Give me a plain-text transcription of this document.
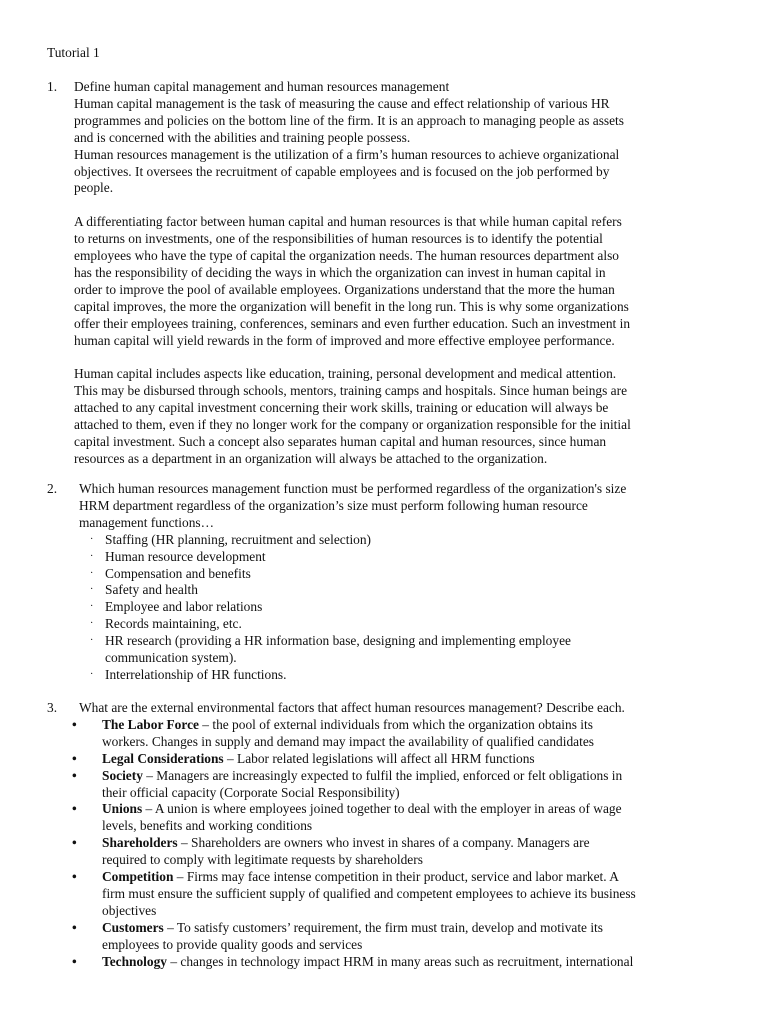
Tutorial 1
1. Define human capital management and human resources management

Human capital management is the task of measuring the cause and effect relationship of various HR

programmes and policies on the bottom line of the firm. It is an approach to managing people as assets

and is concerned with the abilities and training people possess.

Human resources management is the utilization of a firm’s human resources to achieve organizational

objectives. It oversees the recruitment of capable employees and is focused on the job performed by

people.

A differentiating factor between human capital and human resources is that while human capital refers

to returns on investments, one of the responsibilities of human resources is to identify the potential

employees who have the type of capital the organization needs. The human resources department also

has the responsibility of deciding the ways in which the organization can invest in human capital in

order to improve the pool of available employees. Organizations understand that the more the human

capital improves, the more the organization will benefit in the long run. This is why some organizations

offer their employees training, conferences, seminars and even further education. Such an investment in

human capital will yield rewards in the form of improved and more effective employee performance.

Human capital includes aspects like education, training, personal development and medical attention.

This may be disbursed through schools, mentors, training camps and hospitals. Since human beings are

attached to any capital investment concerning their work skills, training or education will always be

attached to them, even if they no longer work for the company or organization responsible for the initial

capital investment. Such a concept also separates human capital and human resources, since human

resources as a department in an organization will always be attached to the organization.

2. Which human resources management function must be performed regardless of the organization's size

HRM department regardless of the organization’s size must perform following human resource

management functions…

· Staffing (HR planning, recruitment and selection)
· Human resource development
· Compensation and benefits
· Safety and health
· Employee and labor relations
· Records maintaining, etc.
· HR research (providing a HR information base, designing and implementing employee
communication system).
· Interrelationship of HR functions.
3. What are the external environmental factors that affect human resources management? Describe each.

• The Labor Force – the pool of external individuals from which the organization obtains its
workers. Changes in supply and demand may impact the availability of qualified candidates
• Legal Considerations – Labor related legislations will affect all HRM functions
• Society – Managers are increasingly expected to fulfil the implied, enforced or felt obligations in
their official capacity (Corporate Social Responsibility)
• Unions – A union is where employees joined together to deal with the employer in areas of wage
levels, benefits and working conditions
• Shareholders – Shareholders are owners who invest in shares of a company. Managers are
required to comply with legitimate requests by shareholders
• Competition – Firms may face intense competition in their product, service and labor market. A
firm must ensure the sufficient supply of qualified and competent employees to achieve its business
objectives
• Customers – To satisfy customers’ requirement, the firm must train, develop and motivate its
employees to provide quality goods and services
• Technology – changes in technology impact HRM in many areas such as recruitment, international
